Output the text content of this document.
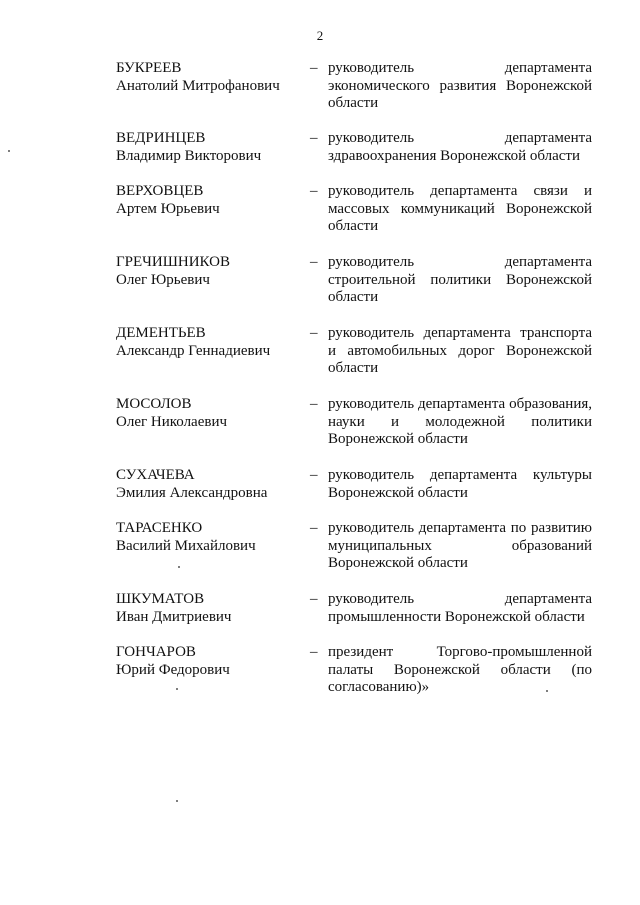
2
БУКРЕЕВ
Анатолий Митрофанович
– руководитель департамента экономического развития Воронежской области
ВЕДРИНЦЕВ
Владимир Викторович
– руководитель департамента здравоохранения Воронежской области
ВЕРХОВЦЕВ
Артем Юрьевич
– руководитель департамента связи и массовых коммуникаций Воронежской области
ГРЕЧИШНИКОВ
Олег Юрьевич
– руководитель департамента строительной политики Воронежской области
ДЕМЕНТЬЕВ
Александр Геннадиевич
– руководитель департамента транспорта и автомобильных дорог Воронежской области
МОСОЛОВ
Олег Николаевич
– руководитель департамента образования, науки и молодежной политики Воронежской области
СУХАЧЕВА
Эмилия Александровна
– руководитель департамента культуры Воронежской области
ТАРАСЕНКО
Василий Михайлович
– руководитель департамента по развитию муниципальных образований Воронежской области
ШКУМАТОВ
Иван Дмитриевич
– руководитель департамента промышленности Воронежской области
ГОНЧАРОВ
Юрий Федорович
– президент Торгово-промышленной палаты Воронежской области (по согласованию)»
